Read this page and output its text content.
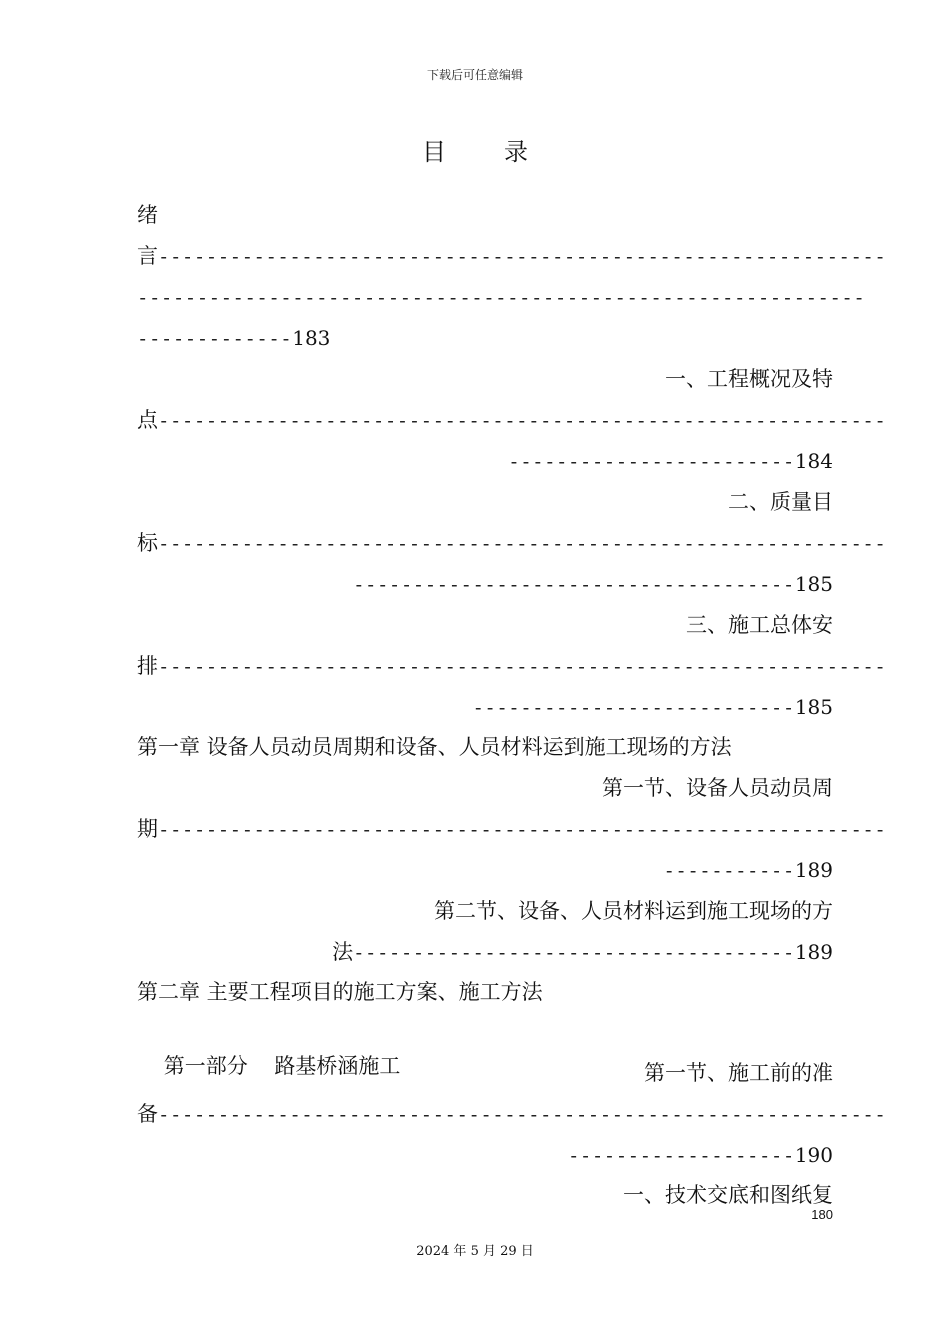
下载后可任意编辑
目 录
绪
言-------------------------------------------------------------
-------------------------------------------------------------
-------------183
一、工程概况及特
点-------------------------------------------------------------
------------------------184
二、质量目
标-------------------------------------------------------------
-------------------------------------185
三、施工总体安
排-------------------------------------------------------------
---------------------------185
第一章 设备人员动员周期和设备、人员材料运到施工现场的方法
第一节、设备人员动员周
期-------------------------------------------------------------
-----------189
第二节、设备、人员材料运到施工现场的方
法-------------------------------------189
第二章 主要工程项目的施工方案、施工方法

第一部分    路基桥涵施工	第一节、施工前的准
备-------------------------------------------------------------
-------------------190
一、技术交底和图纸复
180
2024 年 5 月 29 日
